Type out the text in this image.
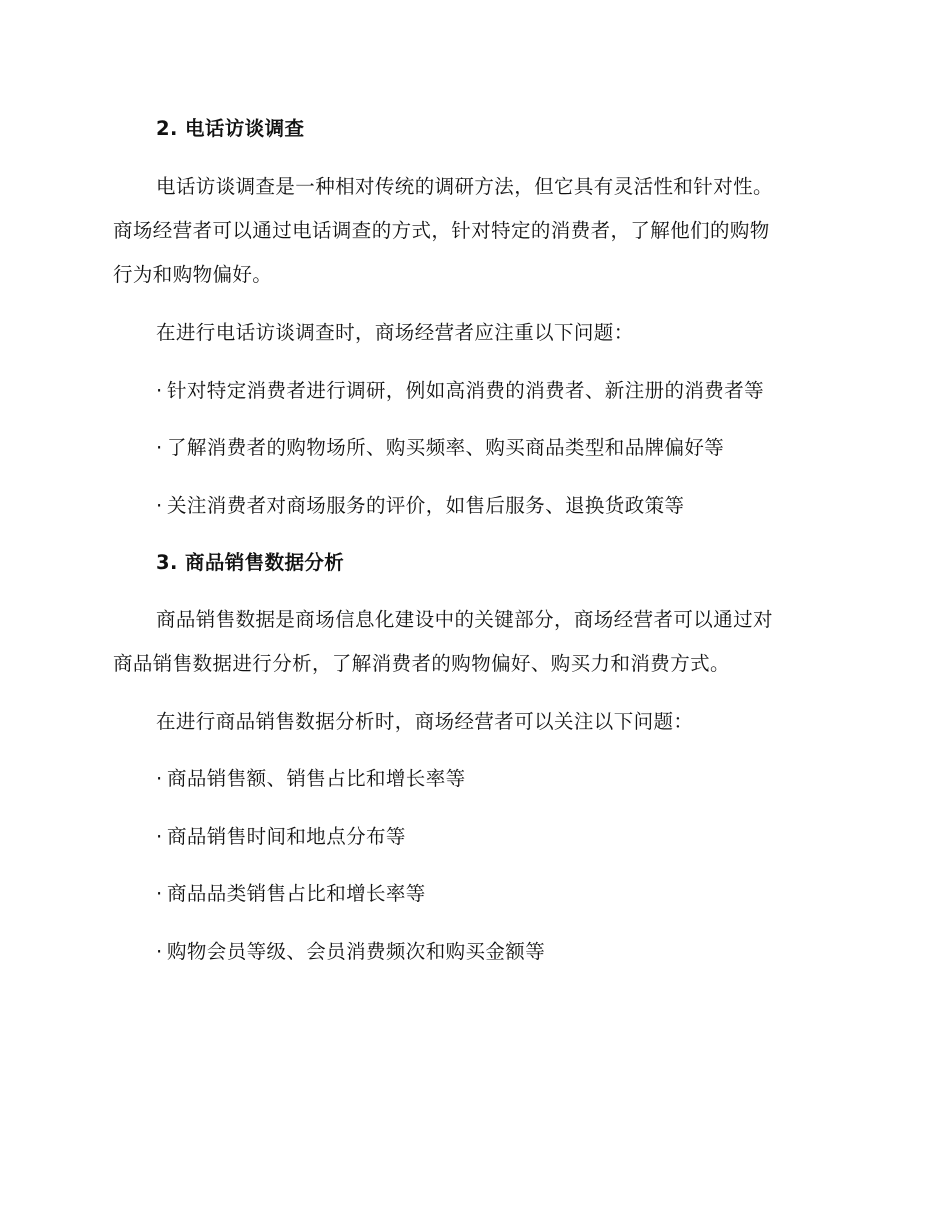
2. 电话访谈调查
电话访谈调查是一种相对传统的调研方法，但它具有灵活性和针对性。
商场经营者可以通过电话调查的方式，针对特定的消费者，了解他们的购物
行为和购物偏好。
在进行电话访谈调查时，商场经营者应注重以下问题：
· 针对特定消费者进行调研，例如高消费的消费者、新注册的消费者等
· 了解消费者的购物场所、购买频率、购买商品类型和品牌偏好等
· 关注消费者对商场服务的评价，如售后服务、退换货政策等
3. 商品销售数据分析
商品销售数据是商场信息化建设中的关键部分，商场经营者可以通过对
商品销售数据进行分析，了解消费者的购物偏好、购买力和消费方式。
在进行商品销售数据分析时，商场经营者可以关注以下问题：
· 商品销售额、销售占比和增长率等
· 商品销售时间和地点分布等
· 商品品类销售占比和增长率等
· 购物会员等级、会员消费频次和购买金额等
